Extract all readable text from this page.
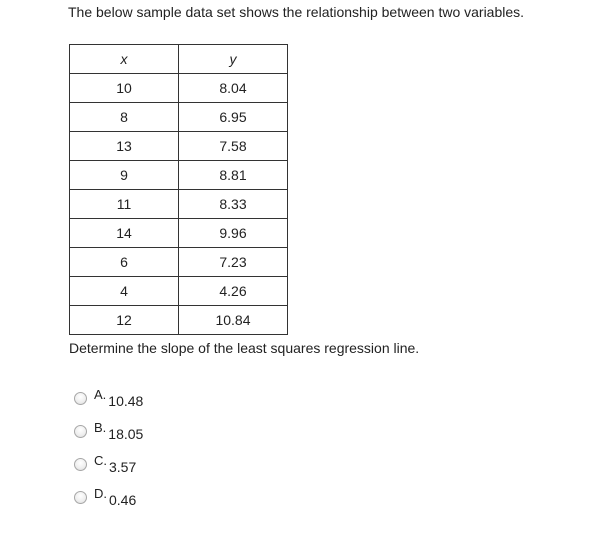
The below sample data set shows the relationship between two variables.
x	y
10	8.04
8	6.95
13	7.58
9	8.81
11	8.33
14	9.96
6	7.23
4	4.26
12	10.84
Determine the slope of the least squares regression line.
A. 10.48
B. 18.05
C. 3.57
D. 0.46
